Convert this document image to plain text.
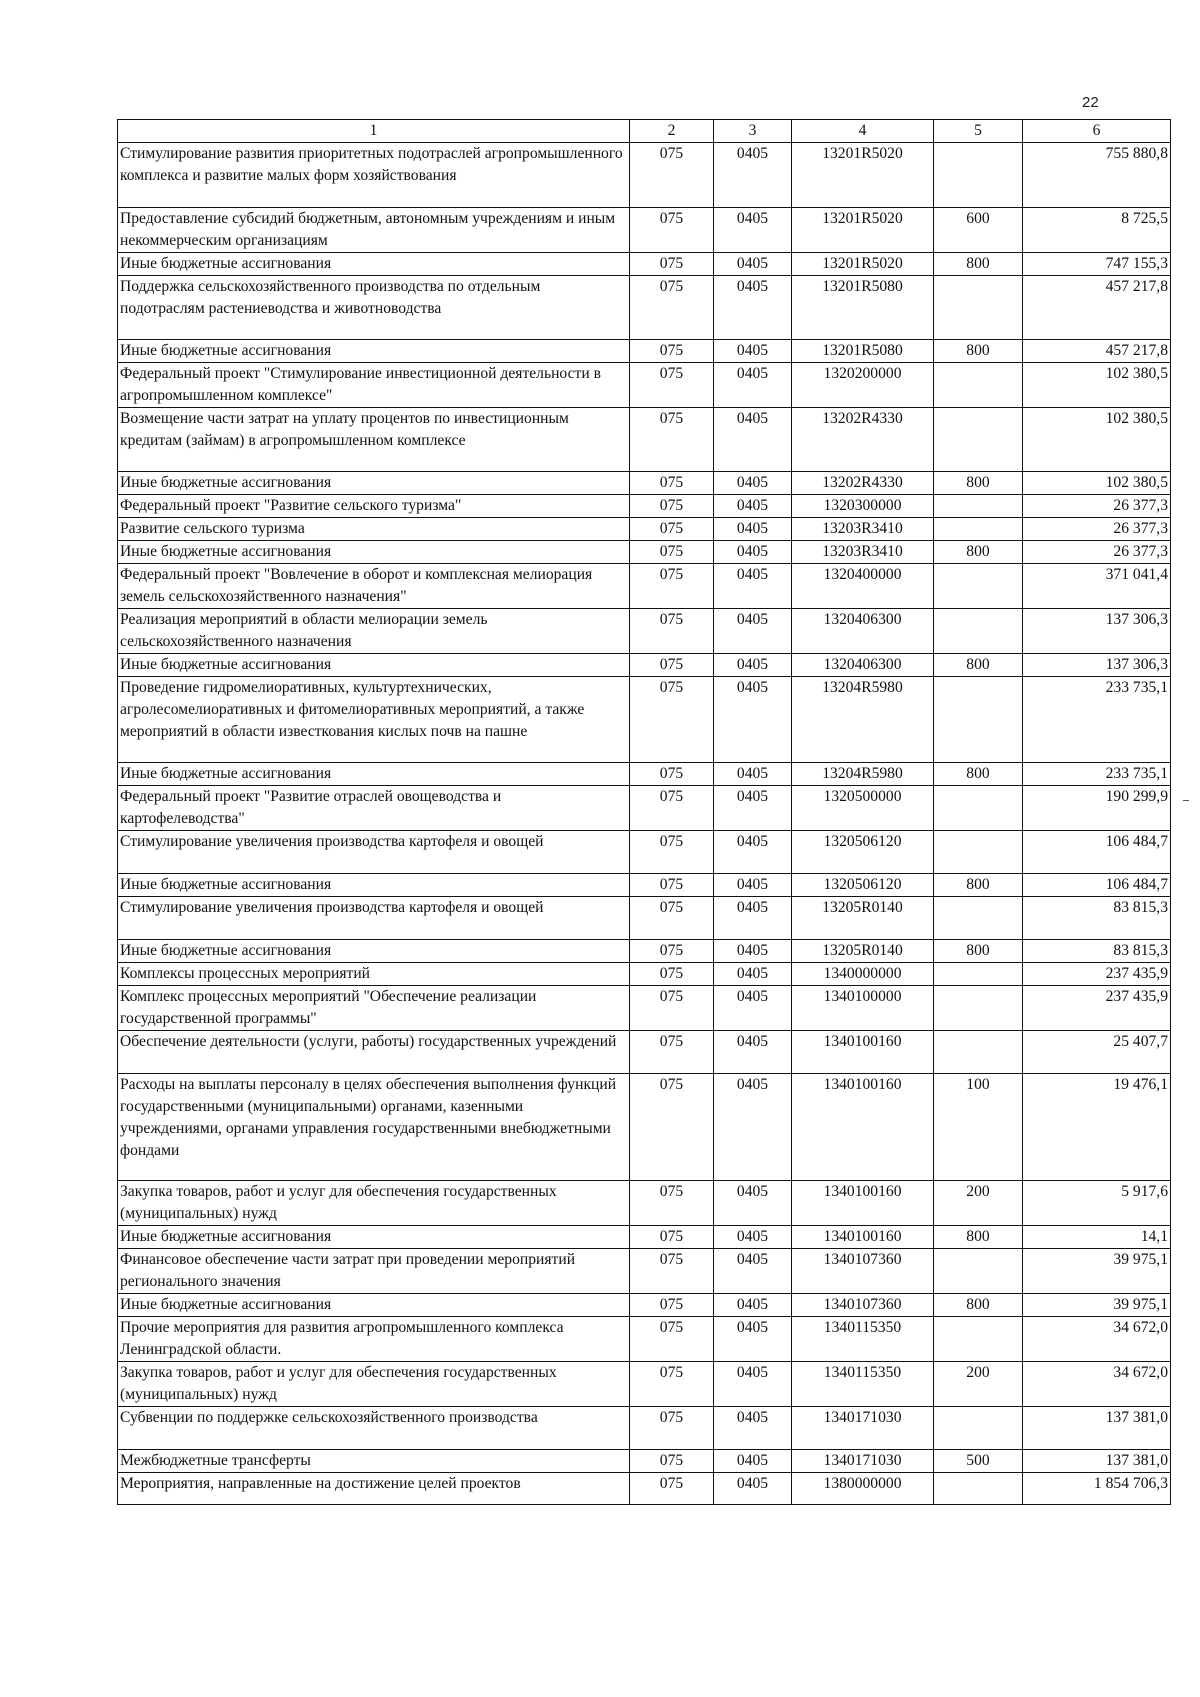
22
1	2	3	4	5	6
Стимулирование развития приоритетных подотраслей агропромышленного комплекса и развитие малых форм хозяйствования	075	0405	13201R5020		755 880,8
Предоставление субсидий бюджетным, автономным учреждениям и иным некоммерческим организациям	075	0405	13201R5020	600	8 725,5
Иные бюджетные ассигнования	075	0405	13201R5020	800	747 155,3
Поддержка сельскохозяйственного производства по отдельным подотраслям растениеводства и животноводства	075	0405	13201R5080		457 217,8
Иные бюджетные ассигнования	075	0405	13201R5080	800	457 217,8
Федеральный проект "Стимулирование инвестиционной деятельности в агропромышленном комплексе"	075	0405	1320200000		102 380,5
Возмещение части затрат на уплату процентов по инвестиционным кредитам (займам) в агропромышленном комплексе	075	0405	13202R4330		102 380,5
Иные бюджетные ассигнования	075	0405	13202R4330	800	102 380,5
Федеральный проект "Развитие сельского туризма"	075	0405	1320300000		26 377,3
Развитие сельского туризма	075	0405	13203R3410		26 377,3
Иные бюджетные ассигнования	075	0405	13203R3410	800	26 377,3
Федеральный проект "Вовлечение в оборот и комплексная мелиорация земель сельскохозяйственного назначения"	075	0405	1320400000		371 041,4
Реализация мероприятий в области мелиорации земель сельскохозяйственного назначения	075	0405	1320406300		137 306,3
Иные бюджетные ассигнования	075	0405	1320406300	800	137 306,3
Проведение гидромелиоративных, культуртехнических, агролесомелиоративных и фитомелиоративных мероприятий, а также мероприятий в области известкования кислых почв на пашне	075	0405	13204R5980		233 735,1
Иные бюджетные ассигнования	075	0405	13204R5980	800	233 735,1
Федеральный проект "Развитие отраслей овощеводства и картофелеводства"	075	0405	1320500000		190 299,9
Стимулирование увеличения производства картофеля и овощей	075	0405	1320506120		106 484,7
Иные бюджетные ассигнования	075	0405	1320506120	800	106 484,7
Стимулирование увеличения производства картофеля и овощей	075	0405	13205R0140		83 815,3
Иные бюджетные ассигнования	075	0405	13205R0140	800	83 815,3
Комплексы процессных мероприятий	075	0405	1340000000		237 435,9
Комплекс процессных мероприятий "Обеспечение реализации государственной программы"	075	0405	1340100000		237 435,9
Обеспечение деятельности (услуги, работы) государственных учреждений	075	0405	1340100160		25 407,7
Расходы на выплаты персоналу в целях обеспечения выполнения функций государственными (муниципальными) органами, казенными учреждениями, органами управления государственными внебюджетными фондами	075	0405	1340100160	100	19 476,1
Закупка товаров, работ и услуг для обеспечения государственных (муниципальных) нужд	075	0405	1340100160	200	5 917,6
Иные бюджетные ассигнования	075	0405	1340100160	800	14,1
Финансовое обеспечение части затрат при проведении мероприятий регионального значения	075	0405	1340107360		39 975,1
Иные бюджетные ассигнования	075	0405	1340107360	800	39 975,1
Прочие мероприятия для развития агропромышленного комплекса Ленинградской области.	075	0405	1340115350		34 672,0
Закупка товаров, работ и услуг для обеспечения государственных (муниципальных) нужд	075	0405	1340115350	200	34 672,0
Субвенции по поддержке сельскохозяйственного производства	075	0405	1340171030		137 381,0
Межбюджетные трансферты	075	0405	1340171030	500	137 381,0
Мероприятия, направленные на достижение целей проектов	075	0405	1380000000		1 854 706,3
